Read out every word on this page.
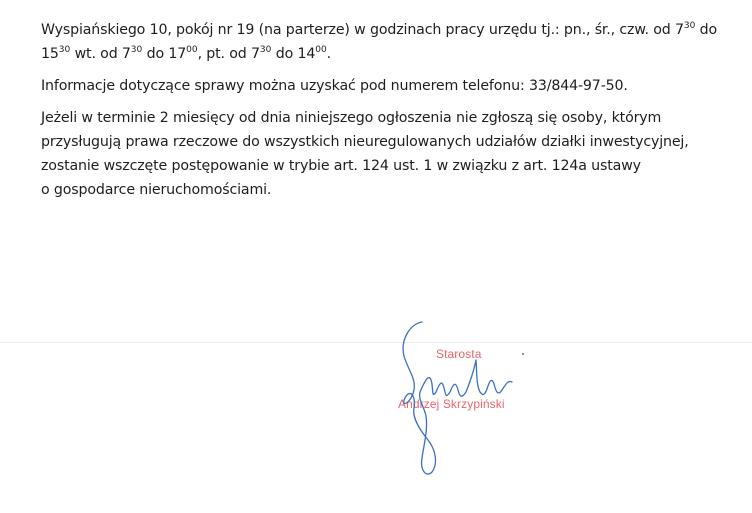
Wyspiańskiego 10, pokój nr 19 (na parterze) w godzinach pracy urzędu tj.: pn., śr., czw. od $7^{30}$ do
$15^{30}$ wt. od $7^{30}$ do $17^{00}$, pt. od $7^{30}$ do $14^{00}$.

Informacje dotyczące sprawy można uzyskać pod numerem telefonu: 33/844-97-50.

Jeżeli w terminie 2 miesięcy od dnia niniejszego ogłoszenia nie zgłoszą się osoby, którym
przysługują prawa rzeczowe do wszystkich nieuregulowanych udziałów działki inwestycyjnej,
zostanie wszczęte postępowanie w trybie art. 124 ust. 1 w związku z art. 124a ustawy
o gospodarce nieruchomościami.

Starosta
Andrzej Skrzypiński
